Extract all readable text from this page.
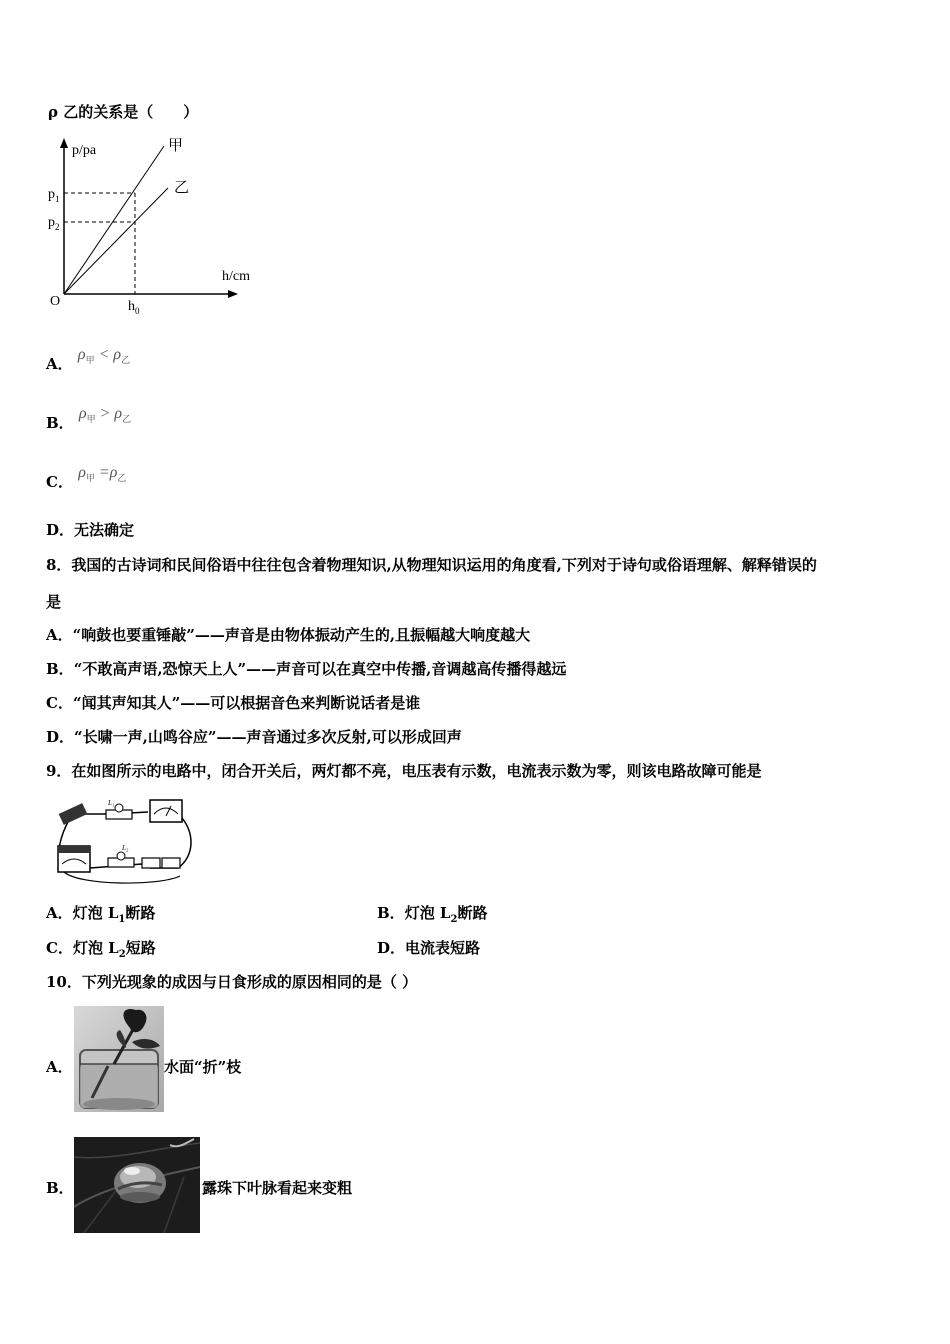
ρ 乙的关系是（　　）
p/pa
h/cm
O
甲
乙
$p_1$
$p_2$
$h_0$
A． $\rho_甲 < \rho_乙$
B． $\rho_甲 > \rho_乙$
C． $\rho_甲 =\rho_乙$
D．无法确定
8．我国的古诗词和民间俗语中往往包含着物理知识,从物理知识运用的角度看,下列对于诗句或俗语理解、解释错误的
是
A．“响鼓也要重锤敲”——声音是由物体振动产生的,且振幅越大响度越大
B．“不敢高声语,恐惊天上人”——声音可以在真空中传播,音调越高传播得越远
C．“闻其声知其人”——可以根据音色来判断说话者是谁
D．“长啸一声,山鸣谷应”——声音通过多次反射,可以形成回声
9．在如图所示的电路中，闭合开关后，两灯都不亮，电压表有示数，电流表示数为零，则该电路故障可能是
L₁
L₂
A．灯泡 $L_1$断路	B．灯泡 $L_2$断路
C．灯泡 $L_2$短路	D．电流表短路
10．下列光现象的成因与日食形成的原因相同的是（ ）
A．	水面“折”枝
B．	露珠下叶脉看起来变粗
